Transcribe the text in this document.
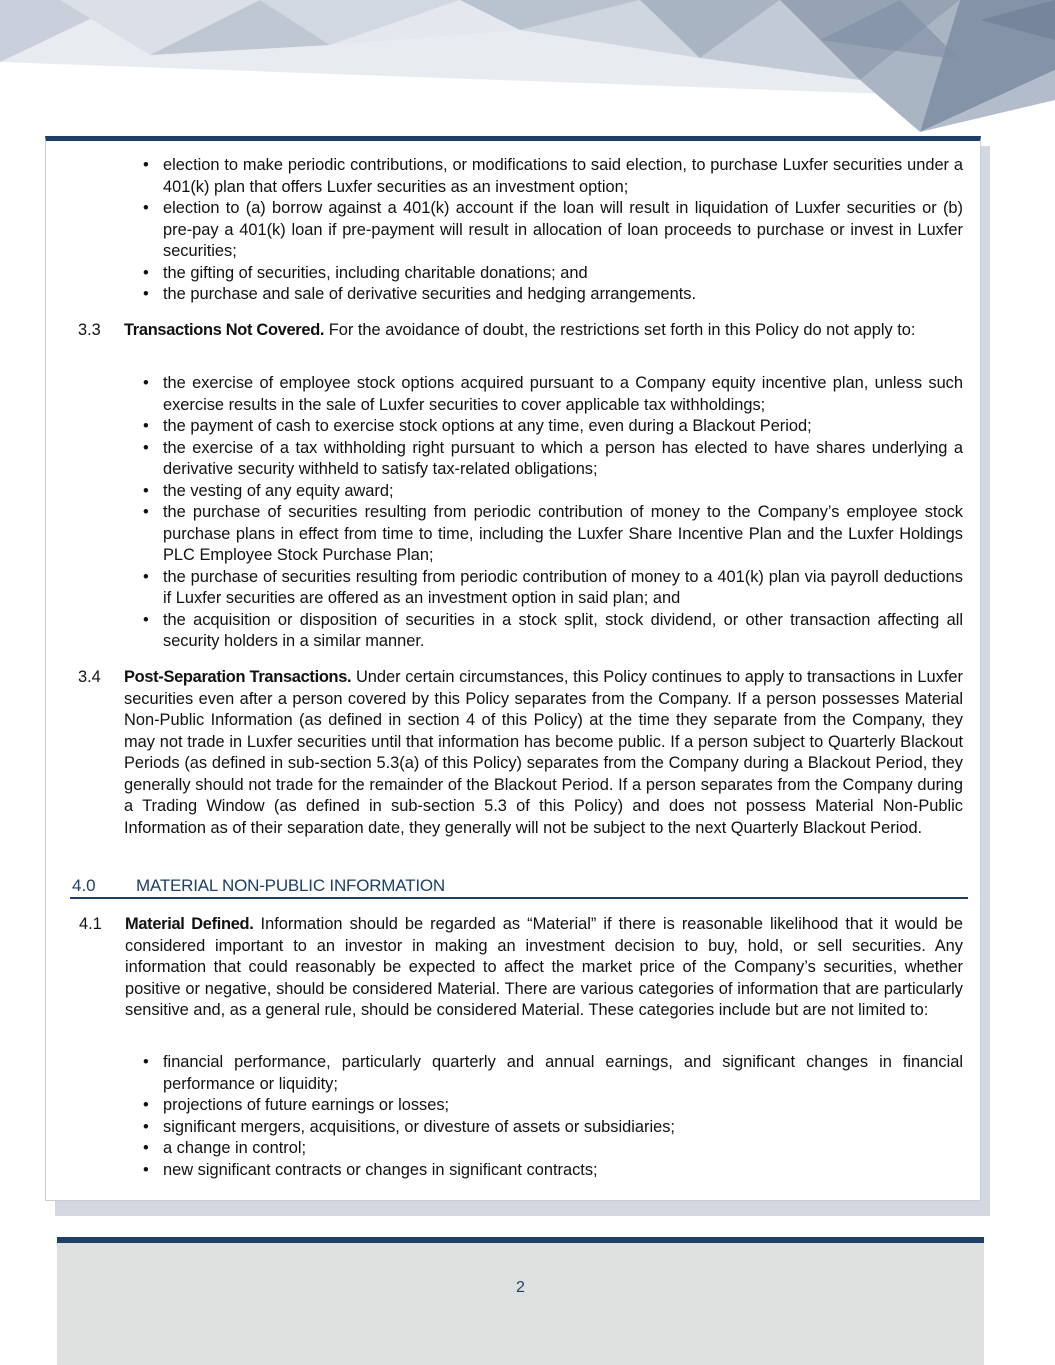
• election to make periodic contributions, or modifications to said election, to purchase Luxfer securities under a 401(k) plan that offers Luxfer securities as an investment option;
• election to (a) borrow against a 401(k) account if the loan will result in liquidation of Luxfer securities or (b) pre-pay a 401(k) loan if pre-payment will result in allocation of loan proceeds to purchase or invest in Luxfer securities;
• the gifting of securities, including charitable donations; and
• the purchase and sale of derivative securities and hedging arrangements.
3.3 Transactions Not Covered. For the avoidance of doubt, the restrictions set forth in this Policy do not apply to:
• the exercise of employee stock options acquired pursuant to a Company equity incentive plan, unless such exercise results in the sale of Luxfer securities to cover applicable tax withholdings;
• the payment of cash to exercise stock options at any time, even during a Blackout Period;
• the exercise of a tax withholding right pursuant to which a person has elected to have shares underlying a derivative security withheld to satisfy tax-related obligations;
• the vesting of any equity award;
• the purchase of securities resulting from periodic contribution of money to the Company’s employee stock purchase plans in effect from time to time, including the Luxfer Share Incentive Plan and the Luxfer Holdings PLC Employee Stock Purchase Plan;
• the purchase of securities resulting from periodic contribution of money to a 401(k) plan via payroll deductions if Luxfer securities are offered as an investment option in said plan; and
• the acquisition or disposition of securities in a stock split, stock dividend, or other transaction affecting all security holders in a similar manner.
3.4 Post-Separation Transactions. Under certain circumstances, this Policy continues to apply to transactions in Luxfer securities even after a person covered by this Policy separates from the Company. If a person possesses Material Non-Public Information (as defined in section 4 of this Policy) at the time they separate from the Company, they may not trade in Luxfer securities until that information has become public. If a person subject to Quarterly Blackout Periods (as defined in sub-section 5.3(a) of this Policy) separates from the Company during a Blackout Period, they generally should not trade for the remainder of the Blackout Period. If a person separates from the Company during a Trading Window (as defined in sub-section 5.3 of this Policy) and does not possess Material Non-Public Information as of their separation date, they generally will not be subject to the next Quarterly Blackout Period.
4.0 MATERIAL NON-PUBLIC INFORMATION
4.1 Material Defined. Information should be regarded as “Material” if there is reasonable likelihood that it would be considered important to an investor in making an investment decision to buy, hold, or sell securities. Any information that could reasonably be expected to affect the market price of the Company’s securities, whether positive or negative, should be considered Material. There are various categories of information that are particularly sensitive and, as a general rule, should be considered Material. These categories include but are not limited to:
• financial performance, particularly quarterly and annual earnings, and significant changes in financial performance or liquidity;
• projections of future earnings or losses;
• significant mergers, acquisitions, or divesture of assets or subsidiaries;
• a change in control;
• new significant contracts or changes in significant contracts;
2
